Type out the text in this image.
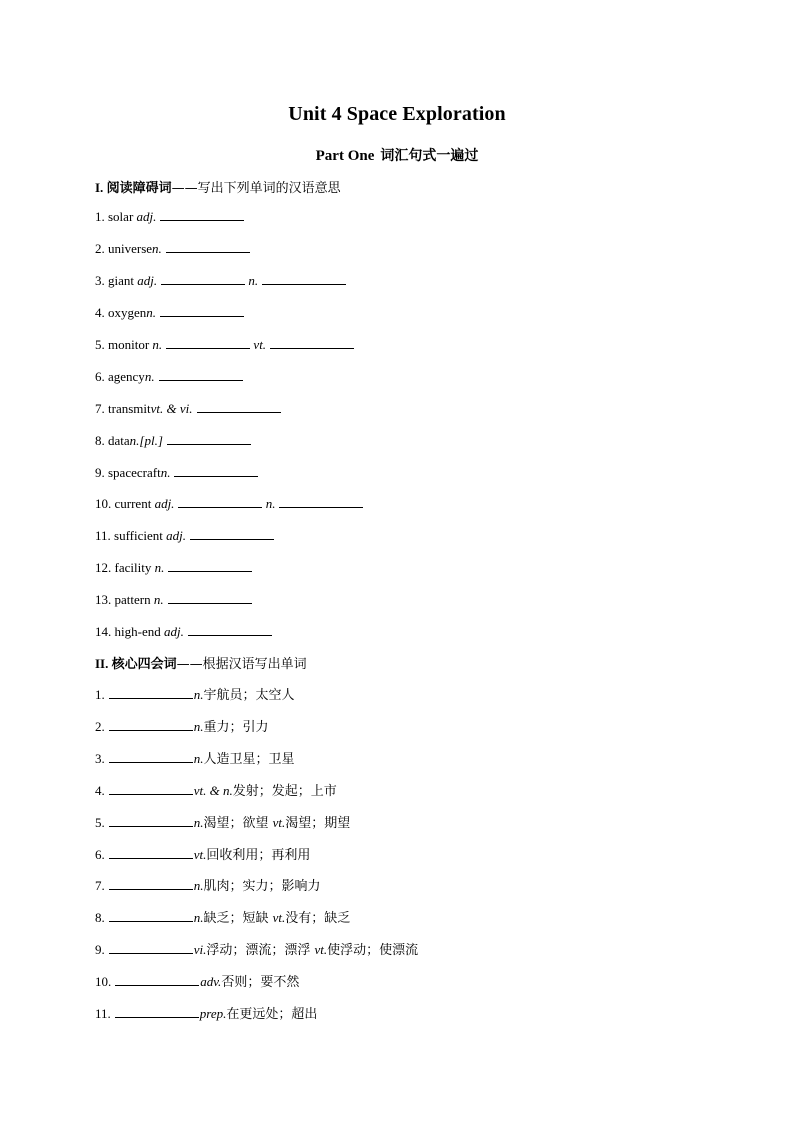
Unit 4 Space Exploration
Part One 词汇句式一遍过
I. 阅读障碍词——写出下列单词的汉语意思
1. solar adj.
2. universen.
3. giant adj.	n.
4. oxygenn.
5. monitor n.	vt.
6. agencyn.
7. transmitvt. & vi.
8. datan.[pl.]
9. spacecraftn.
10. current adj.	n.
11. sufficient adj.
12. facility n.
13. pattern n.
14. high-end adj.
II. 核心四会词——根据汉语写出单词
1.	n.宇航员；太空人
2.	n.重力；引力
3.	n.人造卫星；卫星
4.	vt. & n.发射；发起；上市
5.	n.渴望；欲望 vt.渴望；期望
6.	vt.回收利用；再利用
7.	n.肌肉；实力；影响力
8.	n.缺乏；短缺 vt.没有；缺乏
9.	vi.浮动；漂流；漂浮 vt.使浮动；使漂流
10.	adv.否则；要不然
11.	prep.在更远处；超出
